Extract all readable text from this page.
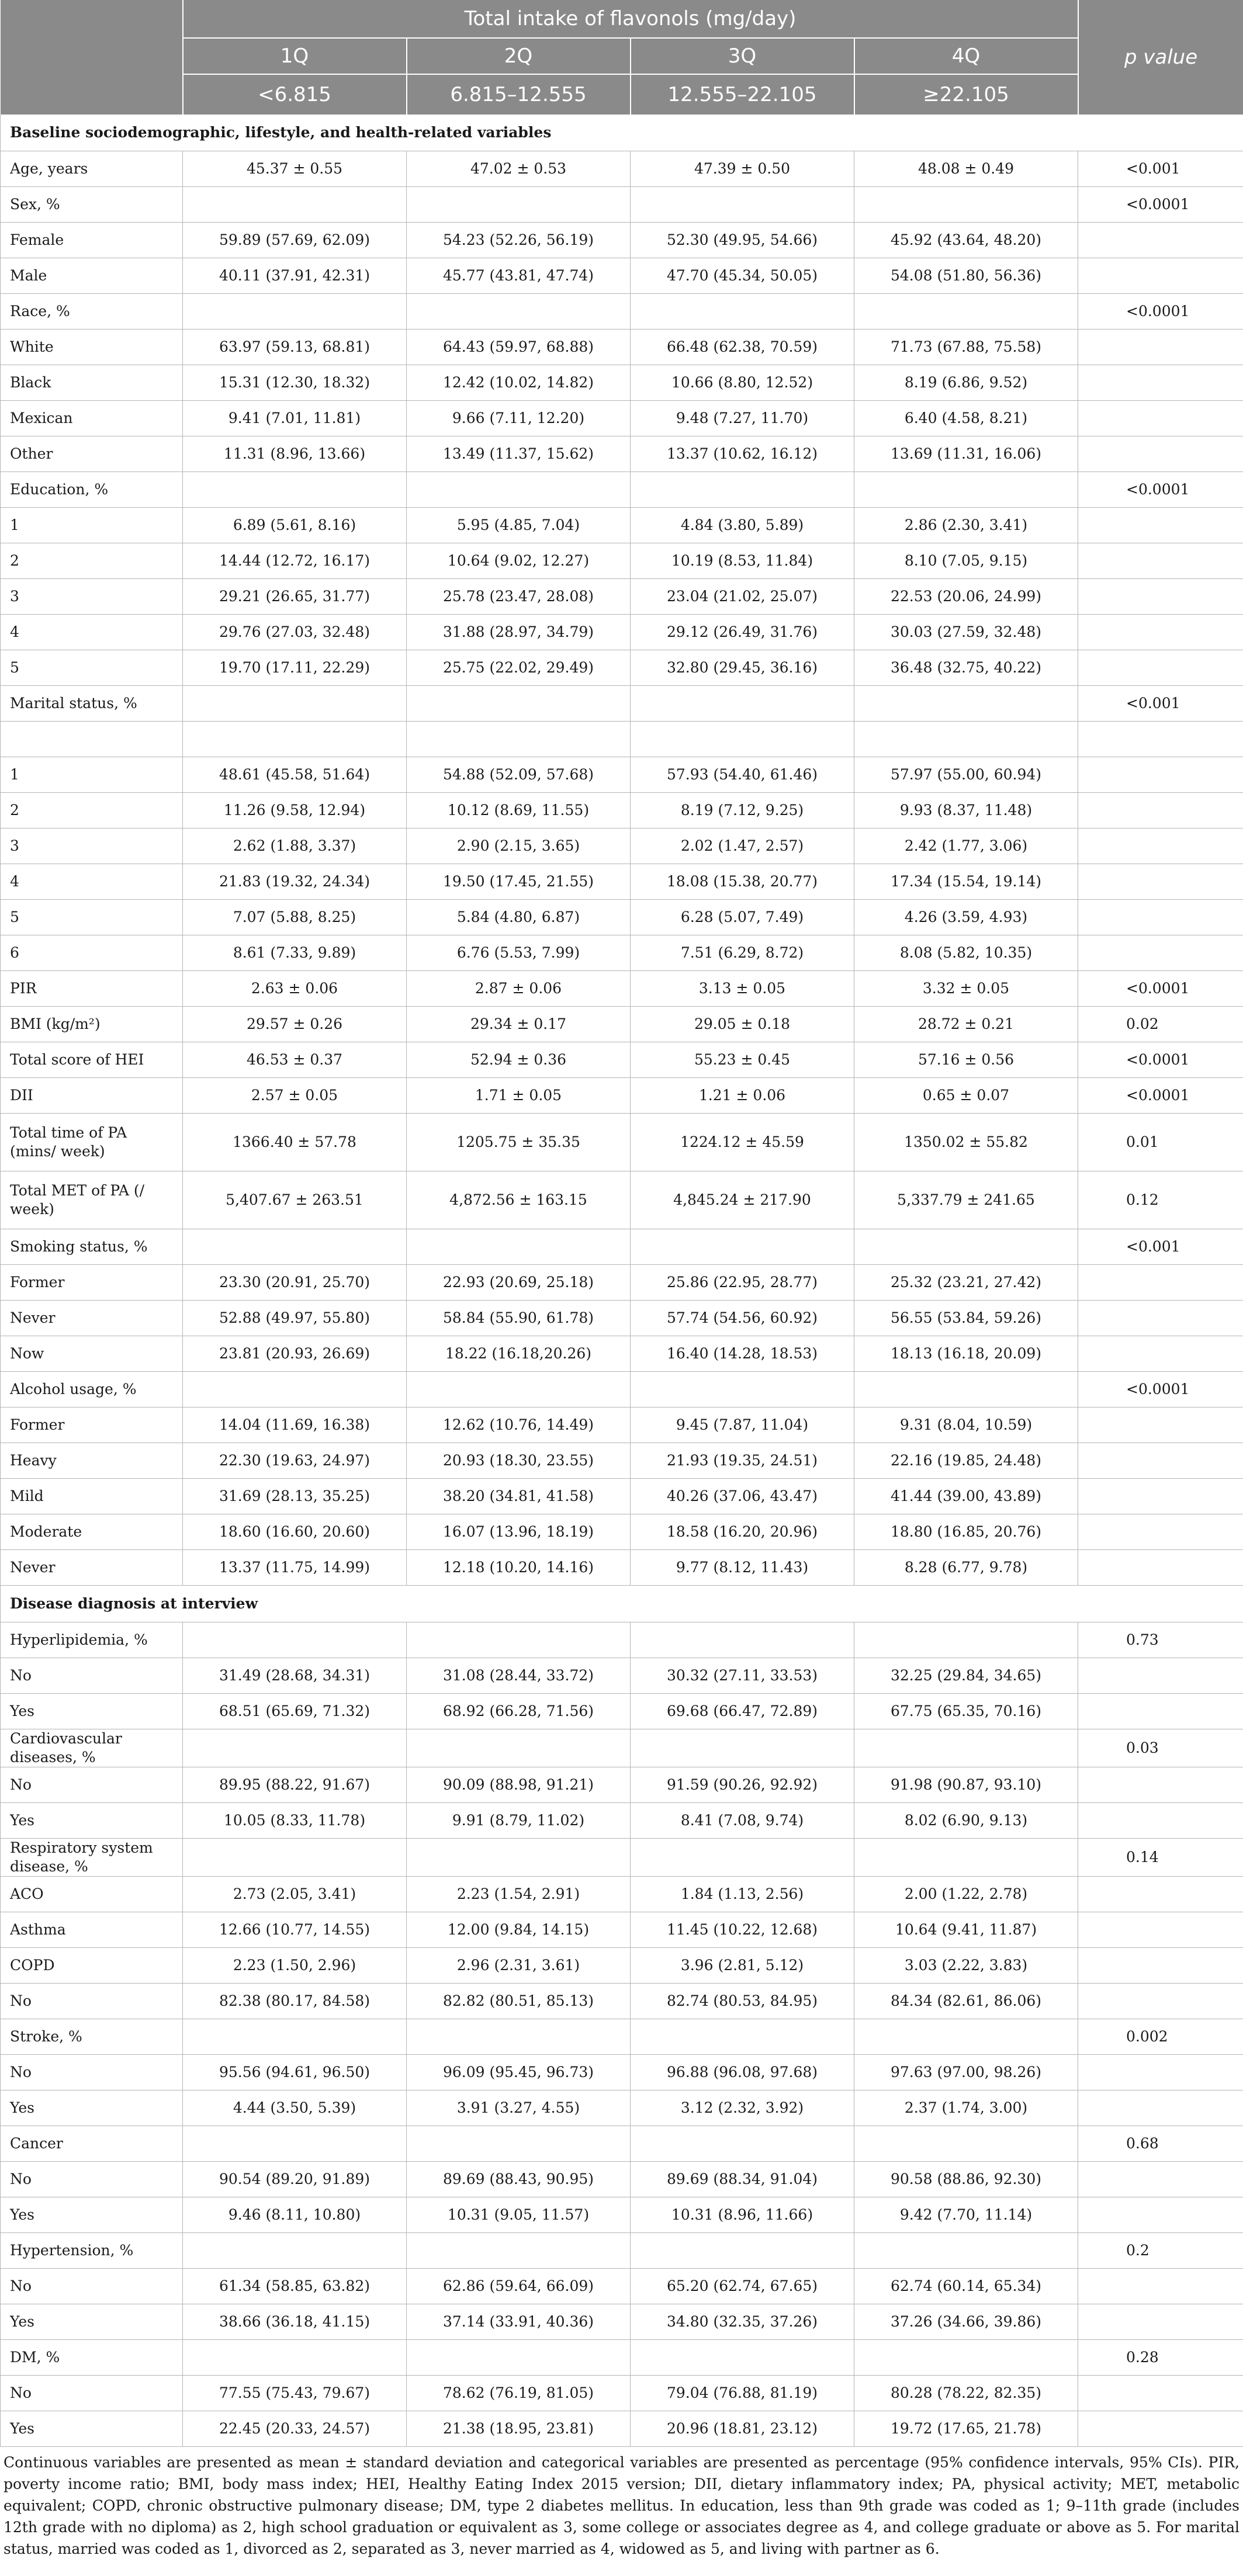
	Total intake of flavonols (mg/day)				p value
	1Q	2Q	3Q	4Q	
	<6.815	6.815–12.555	12.555–22.105	≥22.105	
Baseline sociodemographic, lifestyle, and health-related variables					
Age, years	45.37 ± 0.55	47.02 ± 0.53	47.39 ± 0.50	48.08 ± 0.49	<0.001
Sex, %					<0.0001
Female	59.89 (57.69, 62.09)	54.23 (52.26, 56.19)	52.30 (49.95, 54.66)	45.92 (43.64, 48.20)	
Male	40.11 (37.91, 42.31)	45.77 (43.81, 47.74)	47.70 (45.34, 50.05)	54.08 (51.80, 56.36)	
Race, %					<0.0001
White	63.97 (59.13, 68.81)	64.43 (59.97, 68.88)	66.48 (62.38, 70.59)	71.73 (67.88, 75.58)	
Black	15.31 (12.30, 18.32)	12.42 (10.02, 14.82)	10.66 (8.80, 12.52)	8.19 (6.86, 9.52)	
Mexican	9.41 (7.01, 11.81)	9.66 (7.11, 12.20)	9.48 (7.27, 11.70)	6.40 (4.58, 8.21)	
Other	11.31 (8.96, 13.66)	13.49 (11.37, 15.62)	13.37 (10.62, 16.12)	13.69 (11.31, 16.06)	
Education, %					<0.0001
1	6.89 (5.61, 8.16)	5.95 (4.85, 7.04)	4.84 (3.80, 5.89)	2.86 (2.30, 3.41)	
2	14.44 (12.72, 16.17)	10.64 (9.02, 12.27)	10.19 (8.53, 11.84)	8.10 (7.05, 9.15)	
3	29.21 (26.65, 31.77)	25.78 (23.47, 28.08)	23.04 (21.02, 25.07)	22.53 (20.06, 24.99)	
4	29.76 (27.03, 32.48)	31.88 (28.97, 34.79)	29.12 (26.49, 31.76)	30.03 (27.59, 32.48)	
5	19.70 (17.11, 22.29)	25.75 (22.02, 29.49)	32.80 (29.45, 36.16)	36.48 (32.75, 40.22)	
Marital status, %					<0.001

1	48.61 (45.58, 51.64)	54.88 (52.09, 57.68)	57.93 (54.40, 61.46)	57.97 (55.00, 60.94)	
2	11.26 (9.58, 12.94)	10.12 (8.69, 11.55)	8.19 (7.12, 9.25)	9.93 (8.37, 11.48)	
3	2.62 (1.88, 3.37)	2.90 (2.15, 3.65)	2.02 (1.47, 2.57)	2.42 (1.77, 3.06)	
4	21.83 (19.32, 24.34)	19.50 (17.45, 21.55)	18.08 (15.38, 20.77)	17.34 (15.54, 19.14)	
5	7.07 (5.88, 8.25)	5.84 (4.80, 6.87)	6.28 (5.07, 7.49)	4.26 (3.59, 4.93)	
6	8.61 (7.33, 9.89)	6.76 (5.53, 7.99)	7.51 (6.29, 8.72)	8.08 (5.82, 10.35)	
PIR	2.63 ± 0.06	2.87 ± 0.06	3.13 ± 0.05	3.32 ± 0.05	<0.0001
BMI (kg/m²)	29.57 ± 0.26	29.34 ± 0.17	29.05 ± 0.18	28.72 ± 0.21	0.02
Total score of HEI	46.53 ± 0.37	52.94 ± 0.36	55.23 ± 0.45	57.16 ± 0.56	<0.0001
DII	2.57 ± 0.05	1.71 ± 0.05	1.21 ± 0.06	0.65 ± 0.07	<0.0001
Total time of PA (mins/ week)	1366.40 ± 57.78	1205.75 ± 35.35	1224.12 ± 45.59	1350.02 ± 55.82	0.01
Total MET of PA (/ week)	5,407.67 ± 263.51	4,872.56 ± 163.15	4,845.24 ± 217.90	5,337.79 ± 241.65	0.12
Smoking status, %					<0.001
Former	23.30 (20.91, 25.70)	22.93 (20.69, 25.18)	25.86 (22.95, 28.77)	25.32 (23.21, 27.42)	
Never	52.88 (49.97, 55.80)	58.84 (55.90, 61.78)	57.74 (54.56, 60.92)	56.55 (53.84, 59.26)	
Now	23.81 (20.93, 26.69)	18.22 (16.18,20.26)	16.40 (14.28, 18.53)	18.13 (16.18, 20.09)	
Alcohol usage, %					<0.0001
Former	14.04 (11.69, 16.38)	12.62 (10.76, 14.49)	9.45 (7.87, 11.04)	9.31 (8.04, 10.59)	
Heavy	22.30 (19.63, 24.97)	20.93 (18.30, 23.55)	21.93 (19.35, 24.51)	22.16 (19.85, 24.48)	
Mild	31.69 (28.13, 35.25)	38.20 (34.81, 41.58)	40.26 (37.06, 43.47)	41.44 (39.00, 43.89)	
Moderate	18.60 (16.60, 20.60)	16.07 (13.96, 18.19)	18.58 (16.20, 20.96)	18.80 (16.85, 20.76)	
Never	13.37 (11.75, 14.99)	12.18 (10.20, 14.16)	9.77 (8.12, 11.43)	8.28 (6.77, 9.78)	
Disease diagnosis at interview					
Hyperlipidemia, %					0.73
No	31.49 (28.68, 34.31)	31.08 (28.44, 33.72)	30.32 (27.11, 33.53)	32.25 (29.84, 34.65)	
Yes	68.51 (65.69, 71.32)	68.92 (66.28, 71.56)	69.68 (66.47, 72.89)	67.75 (65.35, 70.16)	
Cardiovascular diseases, %					0.03
No	89.95 (88.22, 91.67)	90.09 (88.98, 91.21)	91.59 (90.26, 92.92)	91.98 (90.87, 93.10)	
Yes	10.05 (8.33, 11.78)	9.91 (8.79, 11.02)	8.41 (7.08, 9.74)	8.02 (6.90, 9.13)	
Respiratory system disease, %					0.14
ACO	2.73 (2.05, 3.41)	2.23 (1.54, 2.91)	1.84 (1.13, 2.56)	2.00 (1.22, 2.78)	
Asthma	12.66 (10.77, 14.55)	12.00 (9.84, 14.15)	11.45 (10.22, 12.68)	10.64 (9.41, 11.87)	
COPD	2.23 (1.50, 2.96)	2.96 (2.31, 3.61)	3.96 (2.81, 5.12)	3.03 (2.22, 3.83)	
No	82.38 (80.17, 84.58)	82.82 (80.51, 85.13)	82.74 (80.53, 84.95)	84.34 (82.61, 86.06)	
Stroke, %					0.002
No	95.56 (94.61, 96.50)	96.09 (95.45, 96.73)	96.88 (96.08, 97.68)	97.63 (97.00, 98.26)	
Yes	4.44 (3.50, 5.39)	3.91 (3.27, 4.55)	3.12 (2.32, 3.92)	2.37 (1.74, 3.00)	
Cancer					0.68
No	90.54 (89.20, 91.89)	89.69 (88.43, 90.95)	89.69 (88.34, 91.04)	90.58 (88.86, 92.30)	
Yes	9.46 (8.11, 10.80)	10.31 (9.05, 11.57)	10.31 (8.96, 11.66)	9.42 (7.70, 11.14)	
Hypertension, %					0.2
No	61.34 (58.85, 63.82)	62.86 (59.64, 66.09)	65.20 (62.74, 67.65)	62.74 (60.14, 65.34)	
Yes	38.66 (36.18, 41.15)	37.14 (33.91, 40.36)	34.80 (32.35, 37.26)	37.26 (34.66, 39.86)	
DM, %					0.28
No	77.55 (75.43, 79.67)	78.62 (76.19, 81.05)	79.04 (76.88, 81.19)	80.28 (78.22, 82.35)	
Yes	22.45 (20.33, 24.57)	21.38 (18.95, 23.81)	20.96 (18.81, 23.12)	19.72 (17.65, 21.78)	
Continuous variables are presented as mean ± standard deviation and categorical variables are presented as percentage (95% confidence intervals, 95% CIs). PIR, poverty income ratio; BMI, body mass index; HEI, Healthy Eating Index 2015 version; DII, dietary inflammatory index; PA, physical activity; MET, metabolic equivalent; COPD, chronic obstructive pulmonary disease; DM, type 2 diabetes mellitus. In education, less than 9th grade was coded as 1; 9–11th grade (includes 12th grade with no diploma) as 2, high school graduation or equivalent as 3, some college or associates degree as 4, and college graduate or above as 5. For marital status, married was coded as 1, divorced as 2, separated as 3, never married as 4, widowed as 5, and living with partner as 6.
